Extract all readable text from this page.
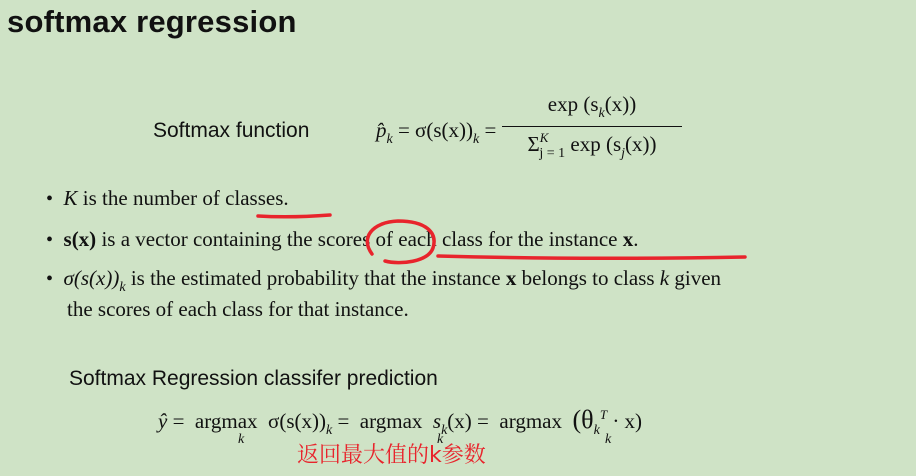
softmax regression
Softmax function	$p̂_k = \sigma(s(x))_k$ =
$\exp (s_k(x))$
$\Sigma^K_{j = 1}$ $\exp (s_j(x))$
• K is the number of classes.
• s(x) is a vector containing the scores of each class for the instance x.
• $\sigma(s(x))_k$ is the estimated probability that the instance x belongs to class k given
the scores of each class for that instance.
Softmax Regression classifer prediction
ŷ = argmax $\sigma(s(x))_k = argmax$ $s_k(x) = argmax$ $(\theta_k^T \cdot x)$
k	k	k
返回最大值的k参数
